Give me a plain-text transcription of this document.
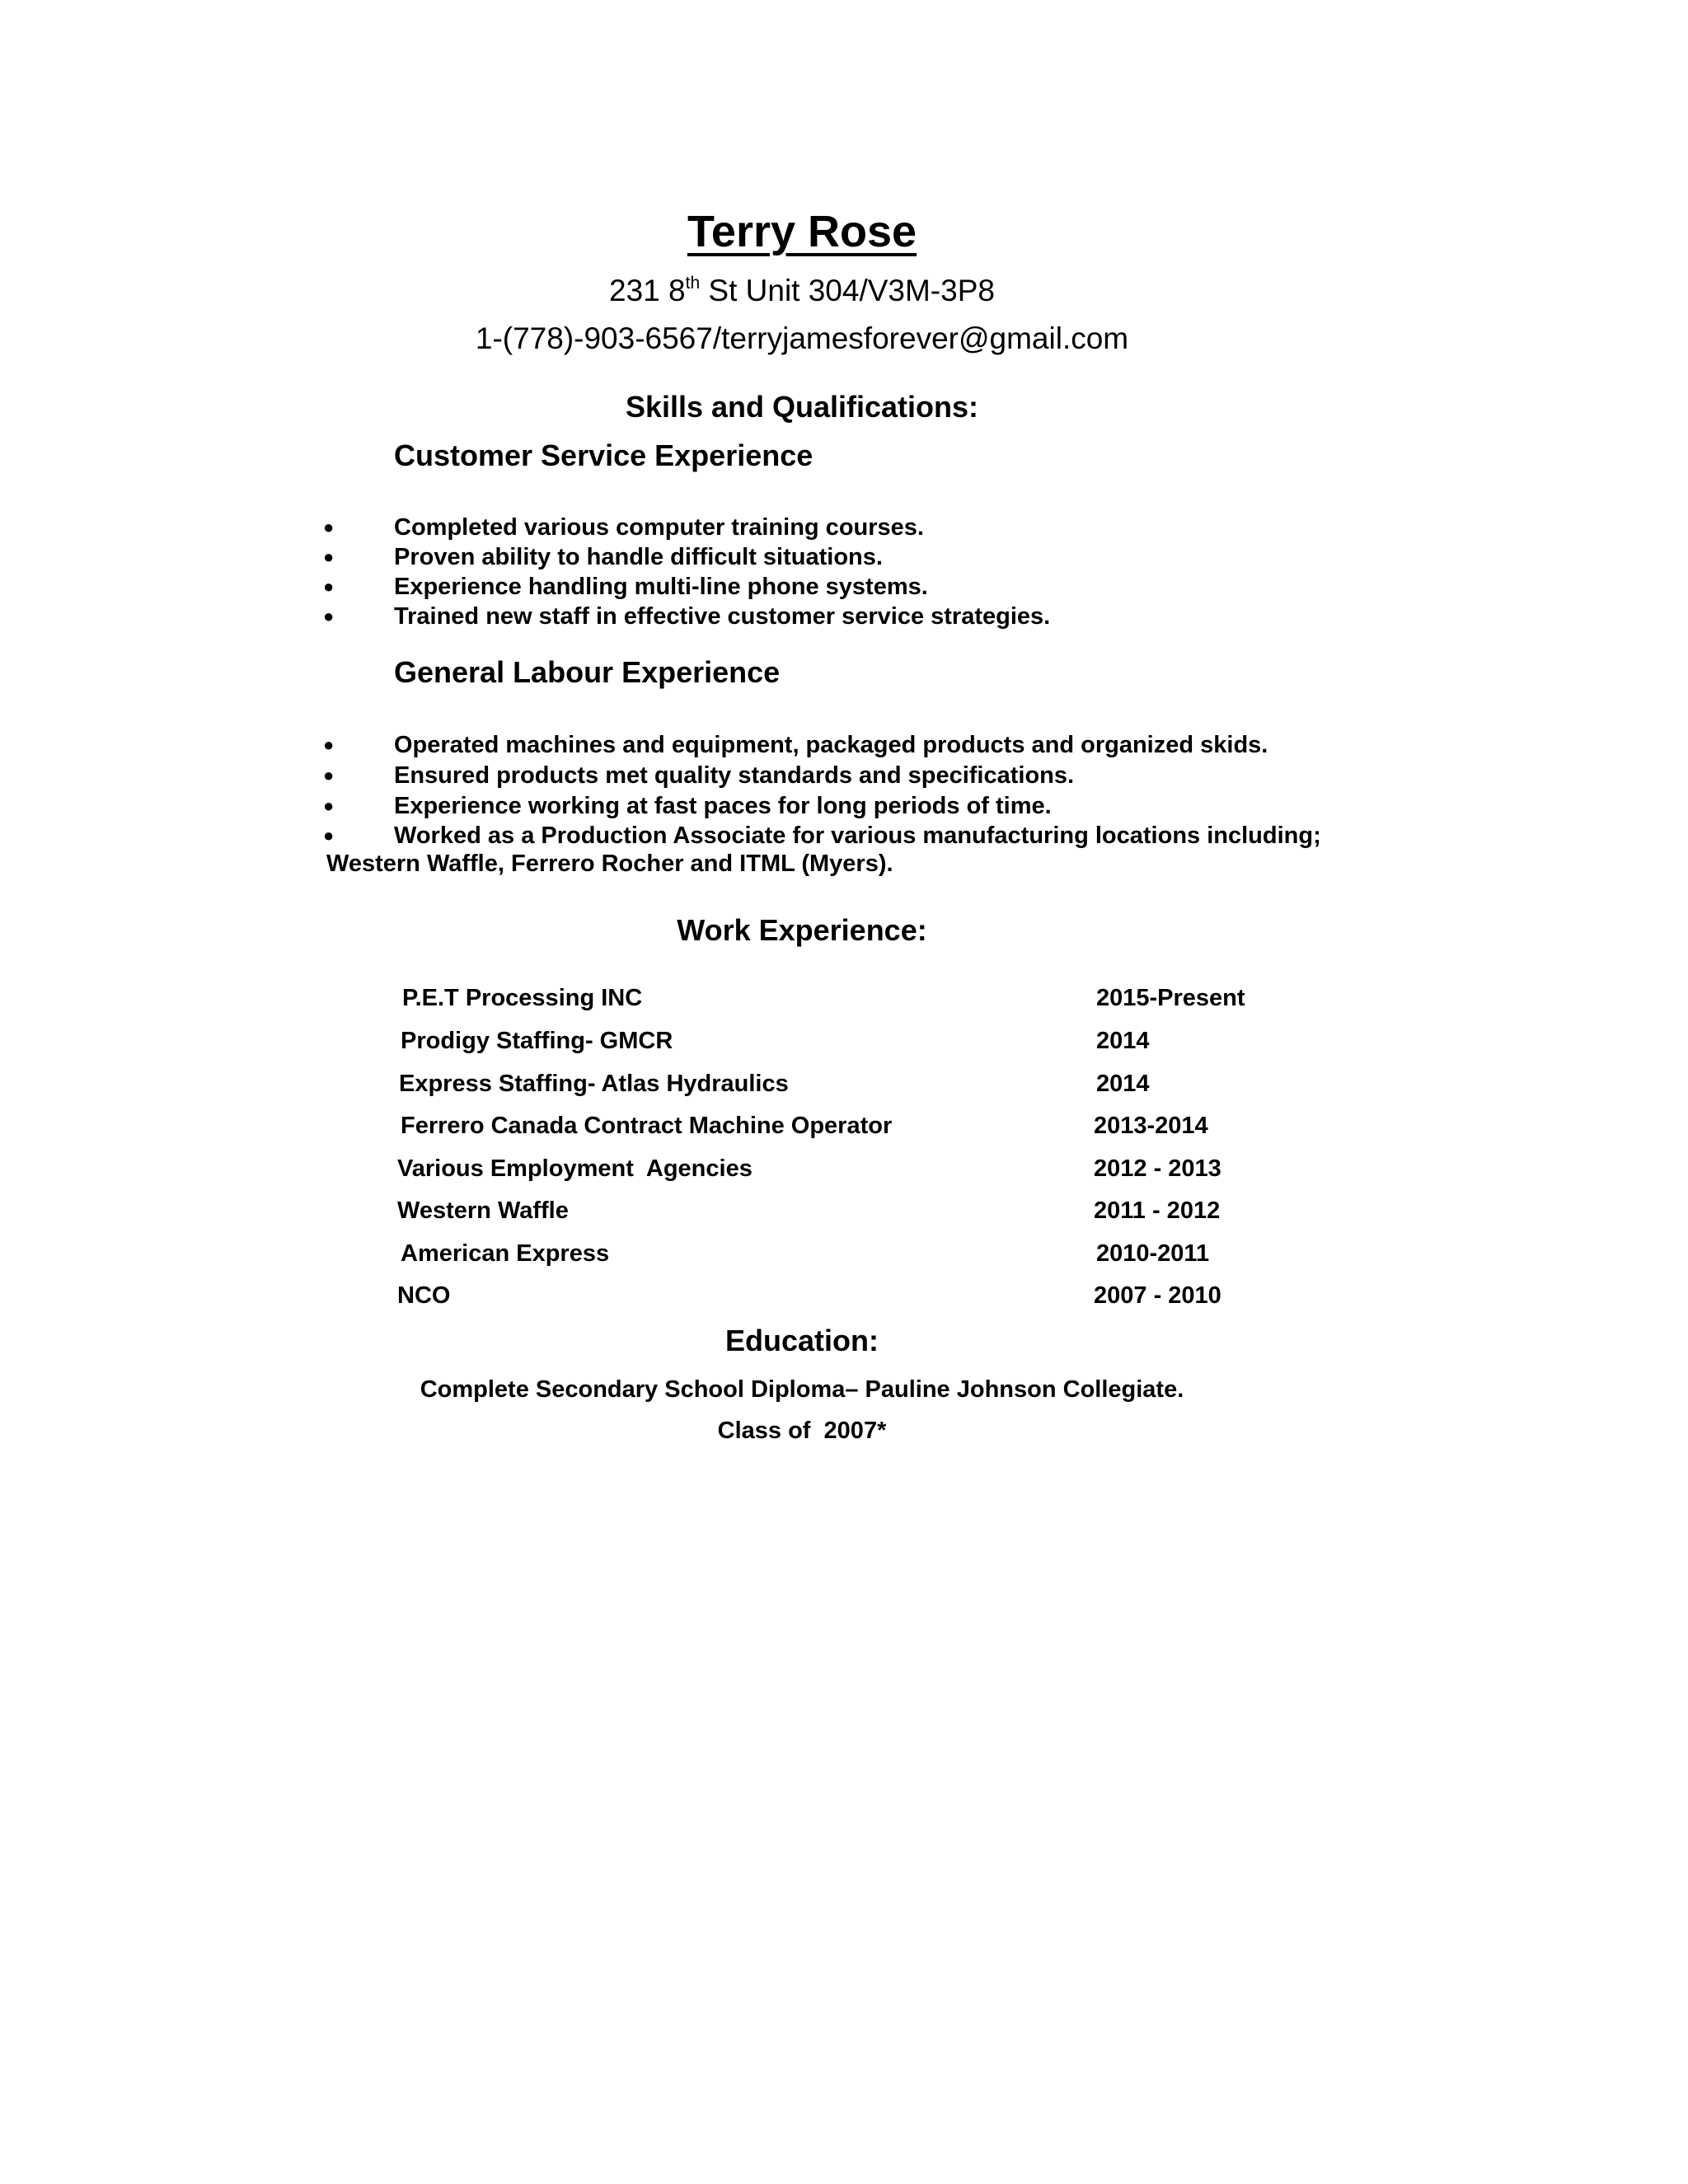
Terry Rose
231 8th St Unit 304/V3M-3P8
1-(778)-903-6567/terryjamesforever@gmail.com
Skills and Qualifications:
Customer Service Experience
●	Completed various computer training courses.
●	Proven ability to handle difficult situations.
●	Experience handling multi-line phone systems.
●	Trained new staff in effective customer service strategies.
General Labour Experience
●	Operated machines and equipment, packaged products and organized skids.
●	Ensured products met quality standards and specifications.
●	Experience working at fast paces for long periods of time.
●	Worked as a Production Associate for various manufacturing locations including;
Western Waffle, Ferrero Rocher and ITML (Myers).
Work Experience:
P.E.T Processing INC	2015-Present
Prodigy Staffing- GMCR	2014
Express Staffing- Atlas Hydraulics	2014
Ferrero Canada Contract Machine Operator	2013-2014
Various Employment  Agencies	2012 - 2013
Western Waffle	2011 - 2012
American Express	2010-2011
NCO	2007 - 2010
Education:
Complete Secondary School Diploma– Pauline Johnson Collegiate.
Class of  2007*
